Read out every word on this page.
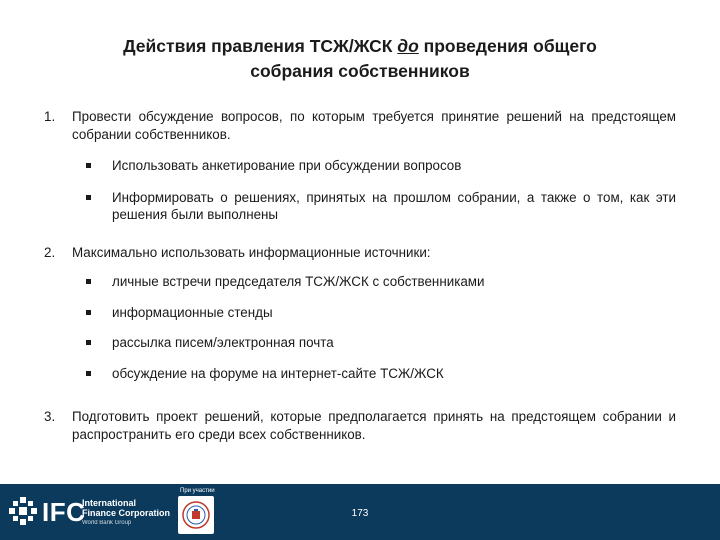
Действия правления ТСЖ/ЖСК до проведения общего
собрания собственников
1. Провести обсуждение вопросов, по которым требуется принятие решений на предстоящем собрании собственников.
Использовать анкетирование при обсуждении вопросов
Информировать о решениях, принятых на прошлом собрании, а также о том, как эти решения были выполнены
2. Максимально использовать информационные источники:
личные встречи председателя ТСЖ/ЖСК с собственниками
информационные стенды
рассылка писем/электронная почта
обсуждение на форуме на интернет-сайте ТСЖ/ЖСК
3. Подготовить проект решений, которые предполагается принять на предстоящем собрании и распространить его среди всех собственников.
IFC
International
Finance Corporation
World Bank Group
При участии
173
